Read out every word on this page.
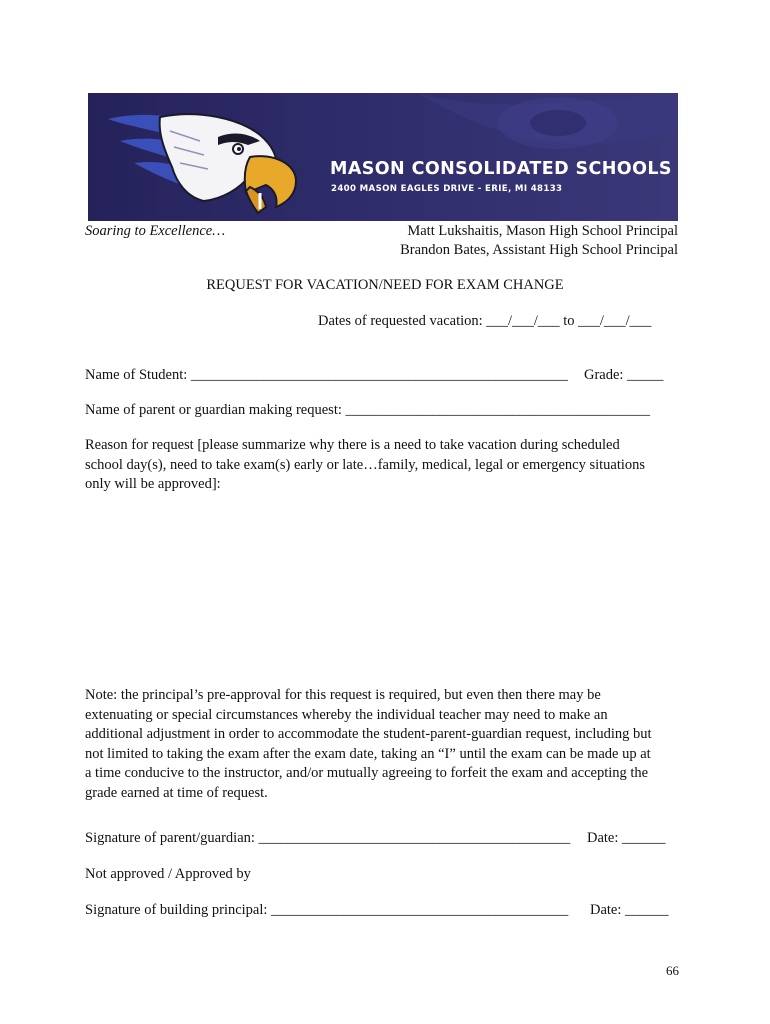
MASON CONSOLIDATED SCHOOLS
2400 MASON EAGLES DRIVE - ERIE, MI 48133
Soaring to Excellence…	Matt Lukshaitis, Mason High School Principal
Brandon Bates, Assistant High School Principal
REQUEST FOR VACATION/NEED FOR EXAM CHANGE
Dates of requested vacation: ___/___/___ to ___/___/___
Name of Student: ____________________________________________________ Grade: _____
Name of parent or guardian making request: __________________________________________
Reason for request [please summarize why there is a need to take vacation during scheduled
school day(s), need to take exam(s) early or late…family, medical, legal or emergency situations
only will be approved]:
Note: the principal’s pre-approval for this request is required, but even then there may be
extenuating or special circumstances whereby the individual teacher may need to make an
additional adjustment in order to accommodate the student-parent-guardian request, including but
not limited to taking the exam after the exam date, taking an “I” until the exam can be made up at
a time conducive to the instructor, and/or mutually agreeing to forfeit the exam and accepting the
grade earned at time of request.
Signature of parent/guardian: ___________________________________________ Date: ______
Not approved / Approved by
Signature of building principal: _________________________________________ Date: ______
66
